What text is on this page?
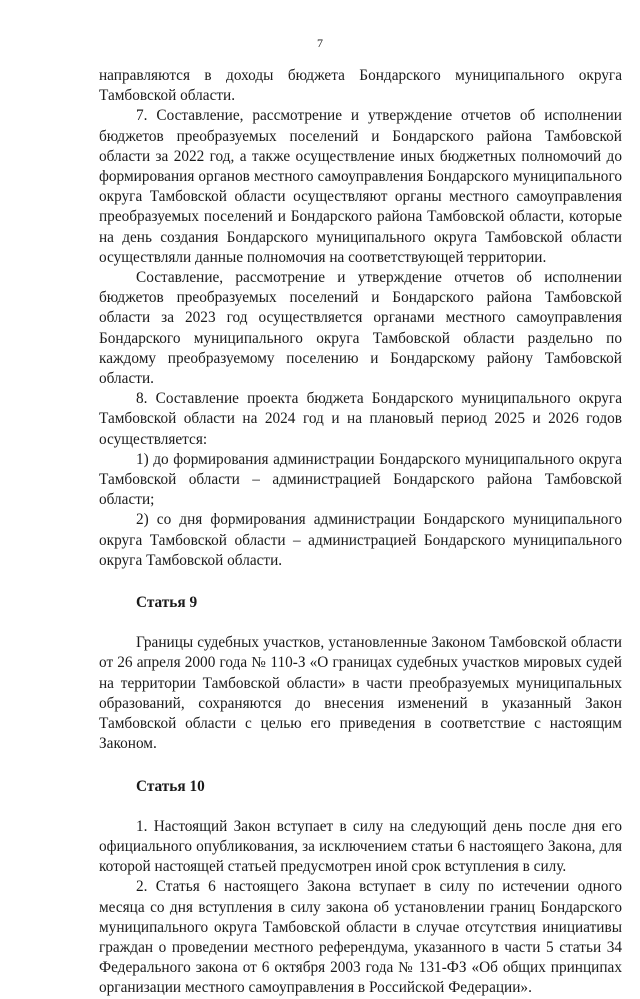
7

направляются в доходы бюджета Бондарского муниципального округа Тамбовской области.

7. Составление, рассмотрение и утверждение отчетов об исполнении бюджетов преобразуемых поселений и Бондарского района Тамбовской области за 2022 год, а также осуществление иных бюджетных полномочий до формирования органов местного самоуправления Бондарского муниципального округа Тамбовской области осуществляют органы местного самоуправления преобразуемых поселений и Бондарского района Тамбовской области, которые на день создания Бондарского муниципального округа Тамбовской области осуществляли данные полномочия на соответствующей территории.

Составление, рассмотрение и утверждение отчетов об исполнении бюджетов преобразуемых поселений и Бондарского района Тамбовской области за 2023 год осуществляется органами местного самоуправления Бондарского муниципального округа Тамбовской области раздельно по каждому преобразуемому поселению и Бондарскому району Тамбовской области.

8. Составление проекта бюджета Бондарского муниципального округа Тамбовской области на 2024 год и на плановый период 2025 и 2026 годов осуществляется:

1) до формирования администрации Бондарского муниципального округа Тамбовской области – администрацией Бондарского района Тамбовской области;

2) со дня формирования администрации Бондарского муниципального округа Тамбовской области – администрацией Бондарского муниципального округа Тамбовской области.

Статья 9

Границы судебных участков, установленные Законом Тамбовской области от 26 апреля 2000 года № 110-З «О границах судебных участков мировых судей на территории Тамбовской области» в части преобразуемых муниципальных образований, сохраняются до внесения изменений в указанный Закон Тамбовской области с целью его приведения в соответствие с настоящим Законом.

Статья 10

1. Настоящий Закон вступает в силу на следующий день после дня его официального опубликования, за исключением статьи 6 настоящего Закона, для которой настоящей статьей предусмотрен иной срок вступления в силу.

2. Статья 6 настоящего Закона вступает в силу по истечении одного месяца со дня вступления в силу закона об установлении границ Бондарского муниципального округа Тамбовской области в случае отсутствия инициативы граждан о проведении местного референдума, указанного в части 5 статьи 34 Федерального закона от 6 октября 2003 года № 131-ФЗ «Об общих принципах организации местного самоуправления в Российской Федерации».
